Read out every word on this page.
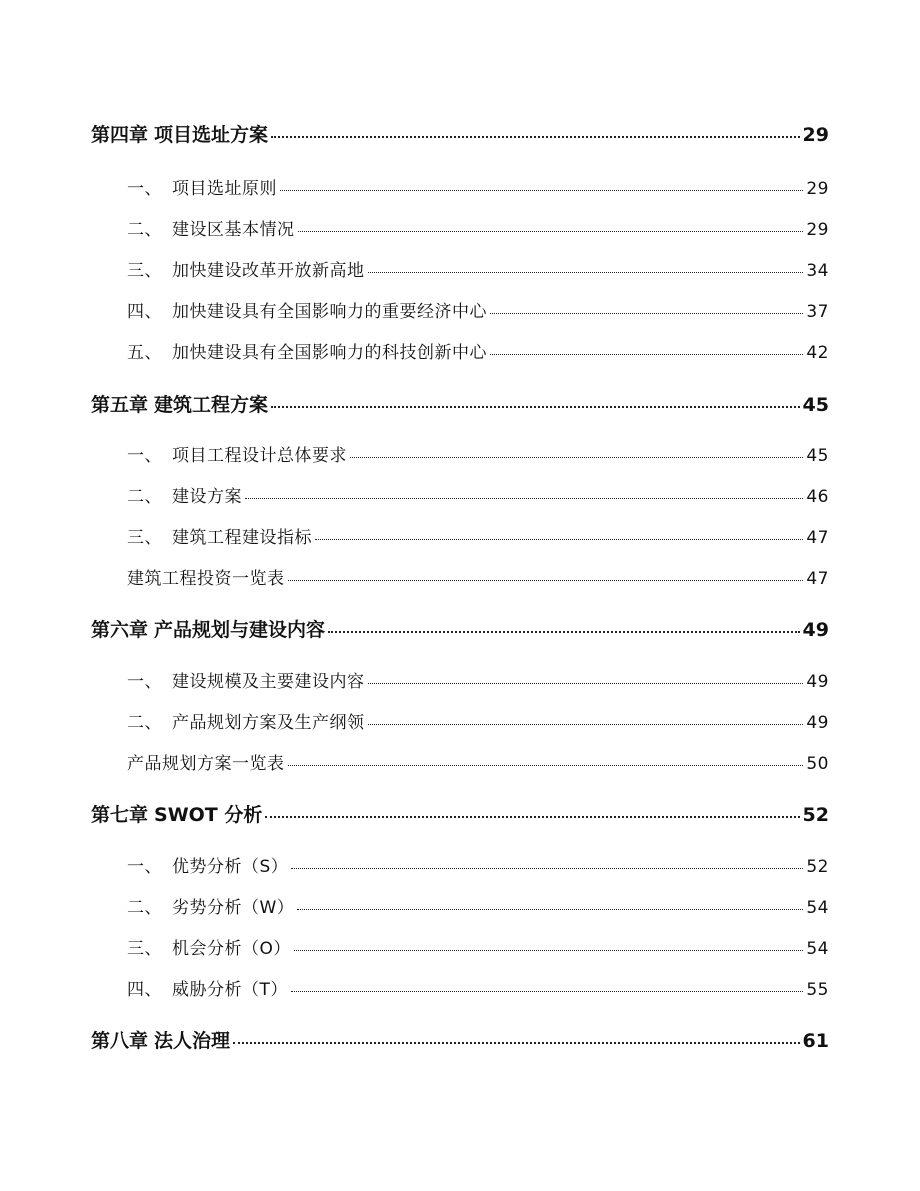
第四章 项目选址方案	29
一、 项目选址原则	29
二、 建设区基本情况	29
三、 加快建设改革开放新高地	34
四、 加快建设具有全国影响力的重要经济中心	37
五、 加快建设具有全国影响力的科技创新中心	42
第五章 建筑工程方案	45
一、 项目工程设计总体要求	45
二、 建设方案	46
三、 建筑工程建设指标	47
建筑工程投资一览表	47
第六章 产品规划与建设内容	49
一、 建设规模及主要建设内容	49
二、 产品规划方案及生产纲领	49
产品规划方案一览表	50
第七章 SWOT 分析	52
一、 优势分析（S）	52
二、 劣势分析（W）	54
三、 机会分析（O）	54
四、 威胁分析（T）	55
第八章 法人治理	61
